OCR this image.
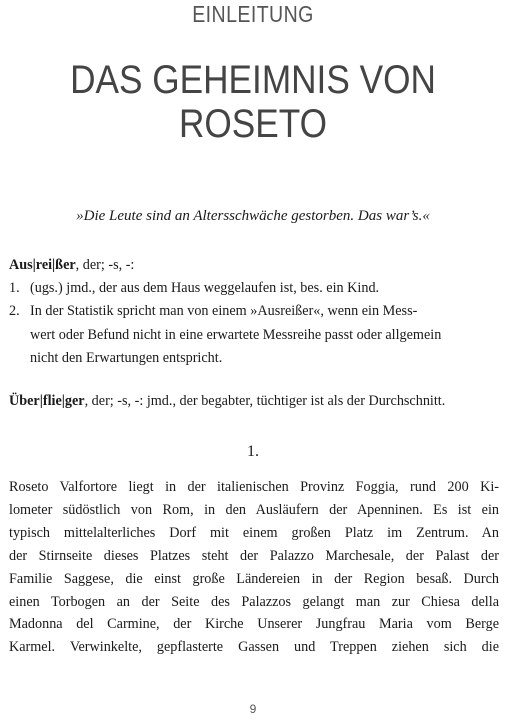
EINLEITUNG
DAS GEHEIMNIS VON
ROSETO
»Die Leute sind an Altersschwäche gestorben. Das war’s.«
Aus|rei|ßer, der; -s, -:
1. (ugs.) jmd., der aus dem Haus weggelaufen ist, bes. ein Kind.
2. In der Statistik spricht man von einem »Ausreißer«, wenn ein Mess-
wert oder Befund nicht in eine erwartete Messreihe passt oder allgemein
nicht den Erwartungen entspricht.
Über|flie|ger, der; -s, -: jmd., der begabter, tüchtiger ist als der Durchschnitt.
1.
Roseto Valfortore liegt in der italienischen Provinz Foggia, rund 200 Ki-
lometer südöstlich von Rom, in den Ausläufern der Apenninen. Es ist ein
typisch mittelalterliches Dorf mit einem großen Platz im Zentrum. An
der Stirnseite dieses Platzes steht der Palazzo Marchesale, der Palast der
Familie Saggese, die einst große Ländereien in der Region besaß. Durch
einen Torbogen an der Seite des Palazzos gelangt man zur Chiesa della
Madonna del Carmine, der Kirche Unserer Jungfrau Maria vom Berge
Karmel. Verwinkelte, gepflasterte Gassen und Treppen ziehen sich die
9
